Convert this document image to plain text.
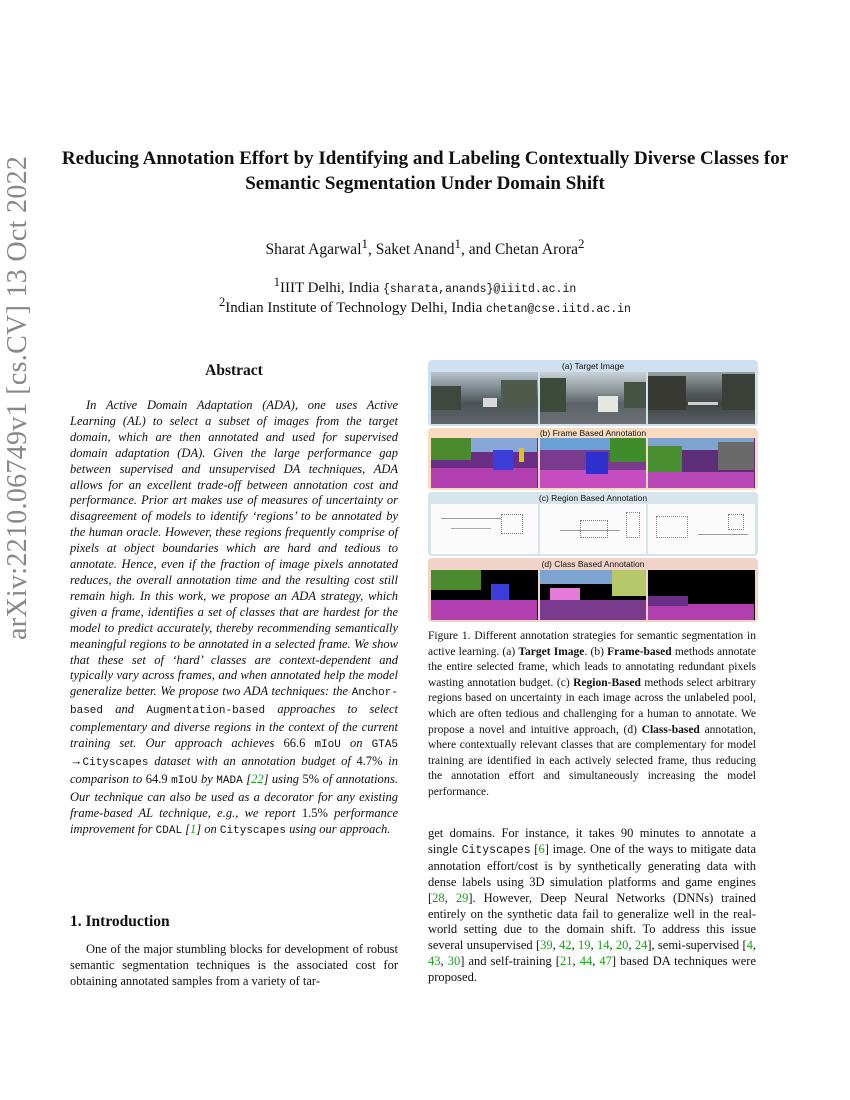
arXiv:2210.06749v1 [cs.CV] 13 Oct 2022	Reducing Annotation Effort by Identifying and Labeling Contextually Diverse Classes for Semantic Segmentation Under Domain Shift
Sharat Agarwal$^1$, Saket Anand$^1$, and Chetan Arora$^2$
$^1$IIIT Delhi, India {sharata,anands}@iiitd.ac.in
$^2$Indian Institute of Technology Delhi, India chetan@cse.iitd.ac.in
Abstract
In Active Domain Adaptation (ADA), one uses Active Learning (AL) to select a subset of images from the target domain, which are then annotated and used for supervised domain adaptation (DA). Given the large performance gap between supervised and unsupervised DA techniques, ADA allows for an excellent trade-off between annotation cost and performance. Prior art makes use of measures of uncertainty or disagreement of models to identify ‘regions’ to be annotated by the human oracle. However, these regions frequently comprise of pixels at object boundaries which are hard and tedious to annotate. Hence, even if the fraction of image pixels annotated reduces, the overall annotation time and the resulting cost still remain high. In this work, we propose an ADA strategy, which given a frame, identifies a set of classes that are hardest for the model to predict accurately, thereby recommending semantically meaningful regions to be annotated in a selected frame. We show that these set of ‘hard’ classes are context-dependent and typically vary across frames, and when annotated help the model generalize better. We propose two ADA techniques: the Anchor-based and Augmentation-based approaches to select complementary and diverse regions in the context of the current training set. Our approach achieves 66.6 mIoU on GTA5 →Cityscapes dataset with an annotation budget of 4.7% in comparison to 64.9 mIoU by MADA [22] using 5% of annotations. Our technique can also be used as a decorator for any existing frame-based AL technique, e.g., we report 1.5% performance improvement for CDAL [1] on Cityscapes using our approach.
1. Introduction
One of the major stumbling blocks for development of robust semantic segmentation techniques is the associated cost for obtaining annotated samples from a variety of tar-
(a) Target Image
(b) Frame Based Annotation
(c) Region Based Annotation
(d) Class Based Annotation
Figure 1. Different annotation strategies for semantic segmentation in active learning. (a) Target Image. (b) Frame-based methods annotate the entire selected frame, which leads to annotating redundant pixels wasting annotation budget. (c) Region-Based methods select arbitrary regions based on uncertainty in each image across the unlabeled pool, which are often tedious and challenging for a human to annotate. We propose a novel and intuitive approach, (d) Class-based annotation, where contextually relevant classes that are complementary for model training are identified in each actively selected frame, thus reducing the annotation effort and simultaneously increasing the model performance.
get domains. For instance, it takes 90 minutes to annotate a single Cityscapes [6] image. One of the ways to mitigate data annotation effort/cost is by synthetically generating data with dense labels using 3D simulation platforms and game engines [28, 29]. However, Deep Neural Networks (DNNs) trained entirely on the synthetic data fail to generalize well in the real-world setting due to the domain shift. To address this issue several unsupervised [39, 42, 19, 14, 20, 24], semi-supervised [4, 43, 30] and self-training [21, 44, 47] based DA techniques were proposed.
